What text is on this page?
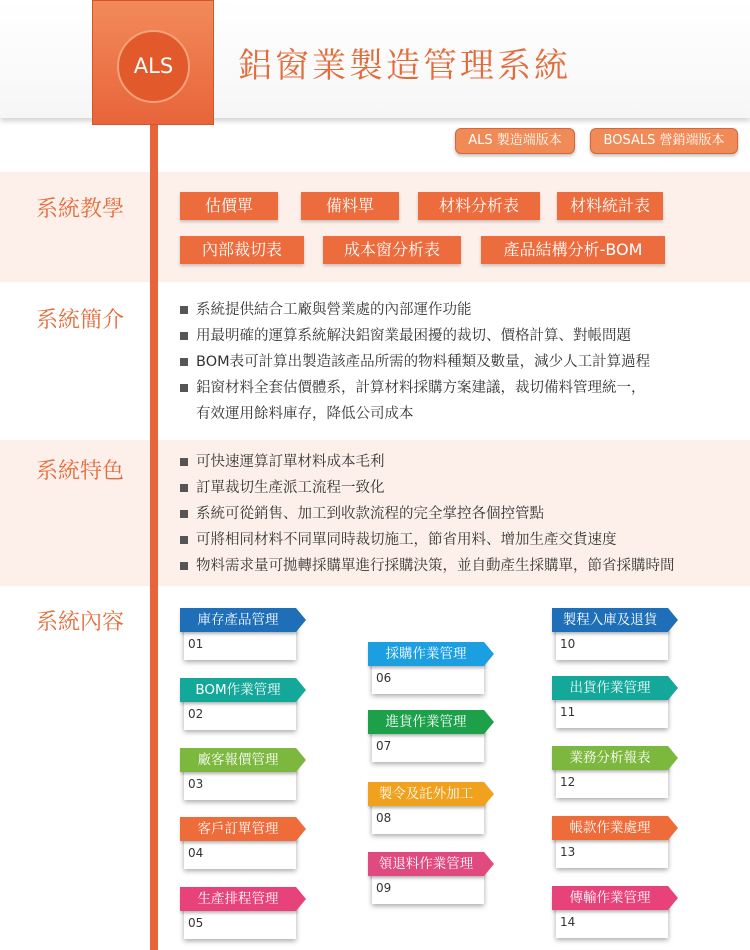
鋁窗業製造管理系統
ALS
ALS 製造端版本	BOSALS 營銷端版本
系統教學	估價單	備料單	材料分析表	材料統計表
內部裁切表	成本窗分析表	產品結構分析-BOM
系統簡介	系統提供結合工廠與營業處的內部運作功能
用最明確的運算系統解決鋁窗業最困擾的裁切、價格計算、對帳問題
BOM表可計算出製造該產品所需的物料種類及數量，減少人工計算過程
鋁窗材料全套估價體系，計算材料採購方案建議，裁切備料管理統一，
有效運用餘料庫存，降低公司成本
系統特色	可快速運算訂單材料成本毛利
訂單裁切生產派工流程一致化
系統可從銷售、加工到收款流程的完全掌控各個控管點
可將相同材料不同單同時裁切施工，節省用料、增加生產交貨速度
物料需求量可拋轉採購單進行採購決策，並自動產生採購單，節省採購時間
系統內容	庫存產品管理
01
BOM作業管理
02
廠客報價管理
03
客戶訂單管理
04
生產排程管理
05
採購作業管理
06
進貨作業管理
07
製令及託外加工
08
領退料作業管理
09
製程入庫及退貨
10
出貨作業管理
11
業務分析報表
12
帳款作業處理
13
傳輸作業管理
14
